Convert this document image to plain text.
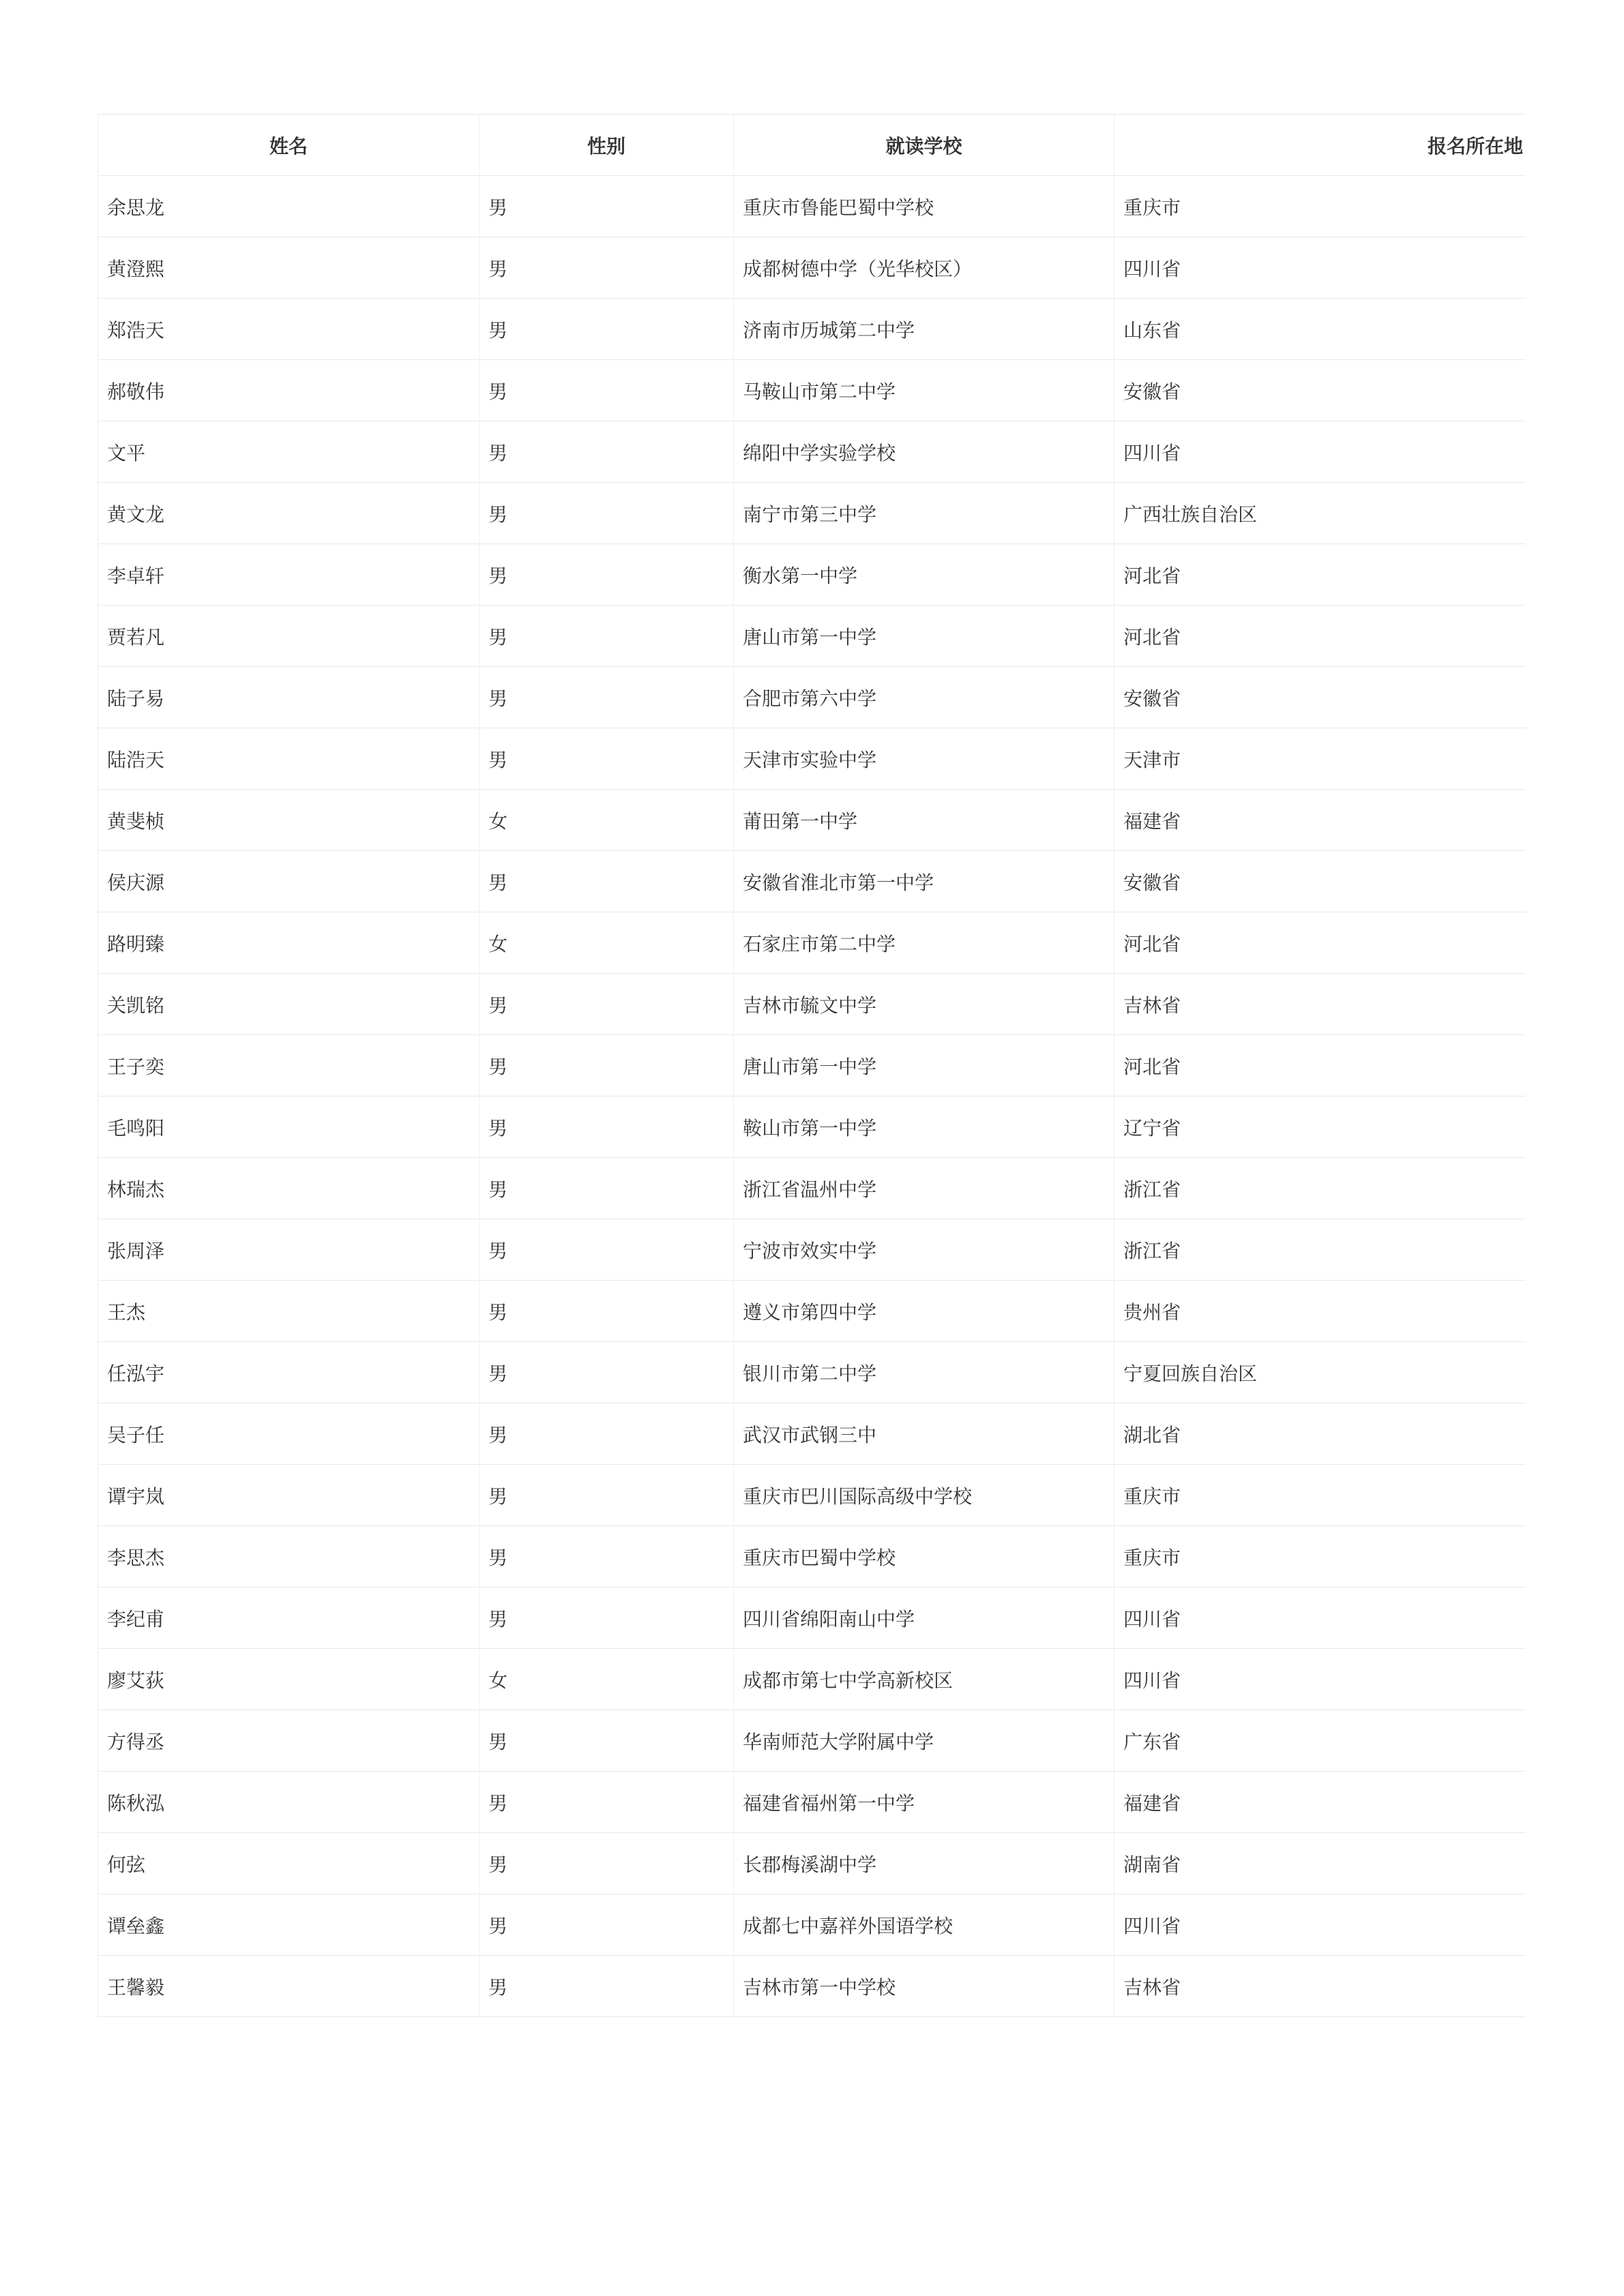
姓名	性别	就读学校	报名所在地
余思龙	男	重庆市鲁能巴蜀中学校	重庆市
黄澄熙	男	成都树德中学（光华校区）	四川省
郑浩天	男	济南市历城第二中学	山东省
郝敬伟	男	马鞍山市第二中学	安徽省
文平	男	绵阳中学实验学校	四川省
黄文龙	男	南宁市第三中学	广西壮族自治区
李卓轩	男	衡水第一中学	河北省
贾若凡	男	唐山市第一中学	河北省
陆子易	男	合肥市第六中学	安徽省
陆浩天	男	天津市实验中学	天津市
黄斐桢	女	莆田第一中学	福建省
侯庆源	男	安徽省淮北市第一中学	安徽省
路明臻	女	石家庄市第二中学	河北省
关凯铭	男	吉林市毓文中学	吉林省
王子奕	男	唐山市第一中学	河北省
毛鸣阳	男	鞍山市第一中学	辽宁省
林瑞杰	男	浙江省温州中学	浙江省
张周泽	男	宁波市效实中学	浙江省
王杰	男	遵义市第四中学	贵州省
任泓宇	男	银川市第二中学	宁夏回族自治区
吴子任	男	武汉市武钢三中	湖北省
谭宇岚	男	重庆市巴川国际高级中学校	重庆市
李思杰	男	重庆市巴蜀中学校	重庆市
李纪甫	男	四川省绵阳南山中学	四川省
廖艾荻	女	成都市第七中学高新校区	四川省
方得丞	男	华南师范大学附属中学	广东省
陈秋泓	男	福建省福州第一中学	福建省
何弦	男	长郡梅溪湖中学	湖南省
谭垒鑫	男	成都七中嘉祥外国语学校	四川省
王馨毅	男	吉林市第一中学校	吉林省
